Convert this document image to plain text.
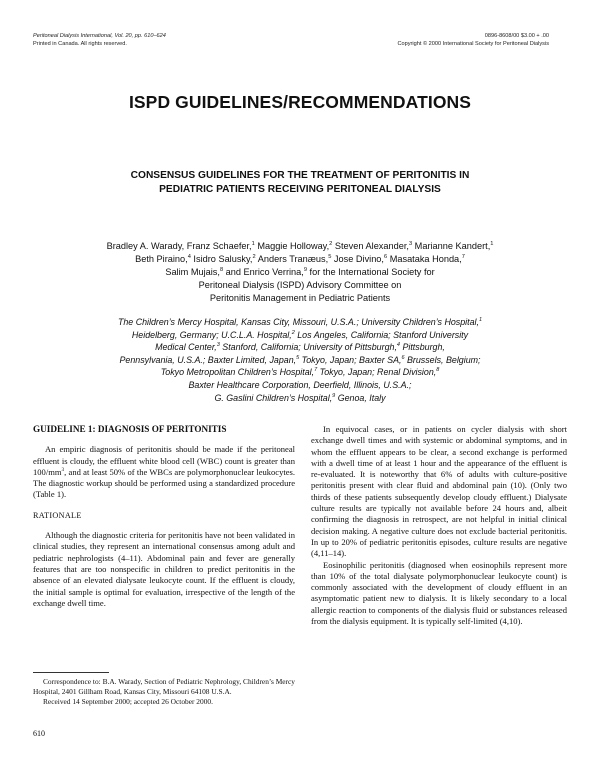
Peritoneal Dialysis International, Vol. 20, pp. 610–624
Printed in Canada. All rights reserved.
0896-8608/00 $3.00 + .00
Copyright © 2000 International Society for Peritoneal Dialysis
ISPD GUIDELINES/RECOMMENDATIONS
CONSENSUS GUIDELINES FOR THE TREATMENT OF PERITONITIS IN
PEDIATRIC PATIENTS RECEIVING PERITONEAL DIALYSIS
Bradley A. Warady, Franz Schaefer,$^1$ Maggie Holloway,$^2$ Steven Alexander,$^3$ Marianne Kandert,$^1$
Beth Piraino,$^4$ Isidro Salusky,$^2$ Anders Tranæus,$^5$ Jose Divino,$^6$ Masataka Honda,$^7$
Salim Mujais,$^8$ and Enrico Verrina,$^9$ for the International Society for
Peritoneal Dialysis (ISPD) Advisory Committee on
Peritonitis Management in Pediatric Patients
The Children’s Mercy Hospital, Kansas City, Missouri, U.S.A.; University Children’s Hospital,$^1$
Heidelberg, Germany; U.C.L.A. Hospital,$^2$ Los Angeles, California; Stanford University
Medical Center,$^3$ Stanford, California; University of Pittsburgh,$^4$ Pittsburgh,
Pennsylvania, U.S.A.; Baxter Limited, Japan,$^5$ Tokyo, Japan; Baxter SA,$^6$ Brussels, Belgium;
Tokyo Metropolitan Children’s Hospital,$^7$ Tokyo, Japan; Renal Division,$^8$
Baxter Healthcare Corporation, Deerfield, Illinois, U.S.A.;
G. Gaslini Children’s Hospital,$^9$ Genoa, Italy

GUIDELINE 1: DIAGNOSIS OF PERITONITIS

An empiric diagnosis of peritonitis should be made if the peritoneal effluent is cloudy, the effluent white blood cell (WBC) count is greater than $100/mm^3$, and at least 50% of the WBCs are polymorphonuclear leukocytes. The diagnostic workup should be performed using a standardized procedure (Table 1).

RATIONALE

Although the diagnostic criteria for peritonitis have not been validated in clinical studies, they represent an international consensus among adult and pediatric nephrologists (4–11). Abdominal pain and fever are generally features that are too nonspecific in children to predict peritonitis in the absence of an elevated dialysate leukocyte count. If the effluent is cloudy, the initial sample is optimal for evaluation, irrespective of the length of the exchange dwell time.

In equivocal cases, or in patients on cycler dialysis with short exchange dwell times and with systemic or abdominal symptoms, and in whom the effluent appears to be clear, a second exchange is performed with a dwell time of at least 1 hour and the appearance of the effluent is re-evaluated. It is noteworthy that 6% of adults with culture-positive peritonitis present with clear fluid and abdominal pain (10). (Only two thirds of these patients subsequently develop cloudy effluent.) Dialysate culture results are typically not available before 24 hours and, albeit confirming the diagnosis in retrospect, are not helpful in initial clinical decision making. A negative culture does not exclude bacterial peritonitis. In up to 20% of pediatric peritonitis episodes, culture results are negative (4,11–14).

Eosinophilic peritonitis (diagnosed when eosinophils represent more than 10% of the total dialysate polymorphonuclear leukocyte count) is commonly associated with the development of cloudy effluent in an asymptomatic patient new to dialysis. It is likely secondary to a local allergic reaction to components of the dialysis fluid or substances released from the dialysis equipment. It is typically self-limited (4,10).

Correspondence to: B.A. Warady, Section of Pediatric Nephrology, Children’s Mercy Hospital, 2401 Gillham Road, Kansas City, Missouri 64108 U.S.A.

Received 14 September 2000; accepted 26 October 2000.

610
